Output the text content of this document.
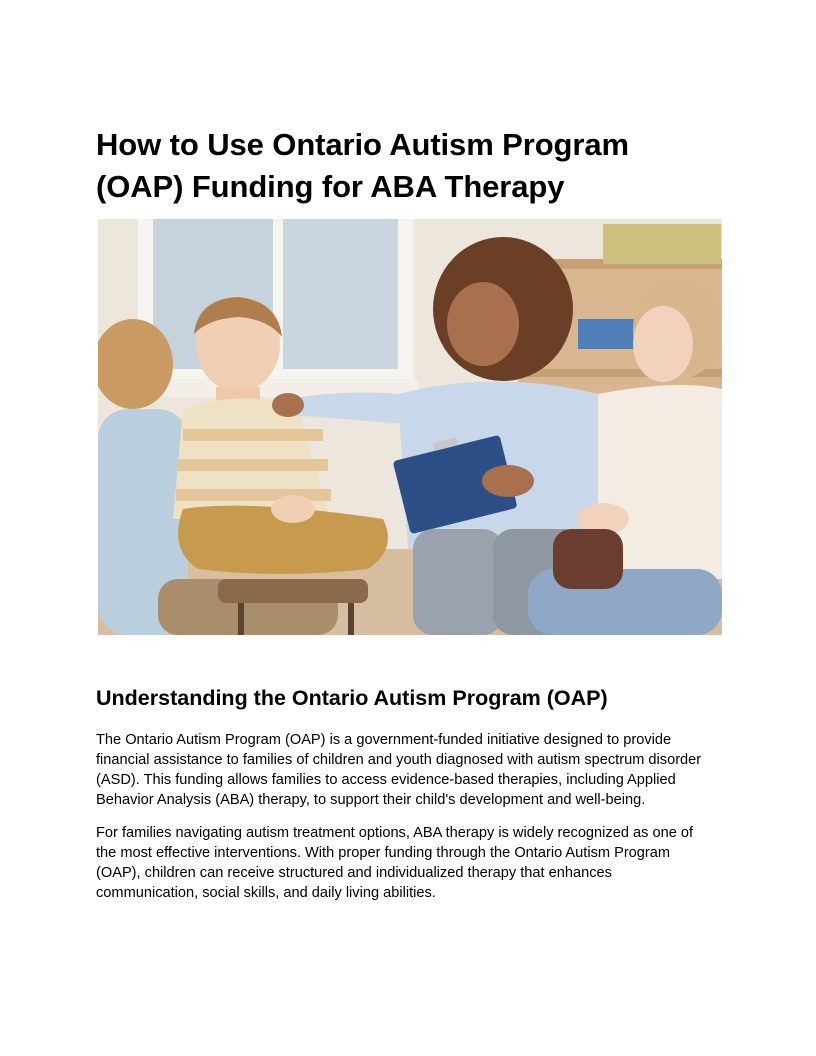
How to Use Ontario Autism Program
(OAP) Funding for ABA Therapy
Understanding the Ontario Autism Program (OAP)

The Ontario Autism Program (OAP) is a government-funded initiative designed to provide
financial assistance to families of children and youth diagnosed with autism spectrum disorder
(ASD). This funding allows families to access evidence-based therapies, including Applied
Behavior Analysis (ABA) therapy, to support their child's development and well-being.

For families navigating autism treatment options, ABA therapy is widely recognized as one of
the most effective interventions. With proper funding through the Ontario Autism Program
(OAP), children can receive structured and individualized therapy that enhances
communication, social skills, and daily living abilities.
